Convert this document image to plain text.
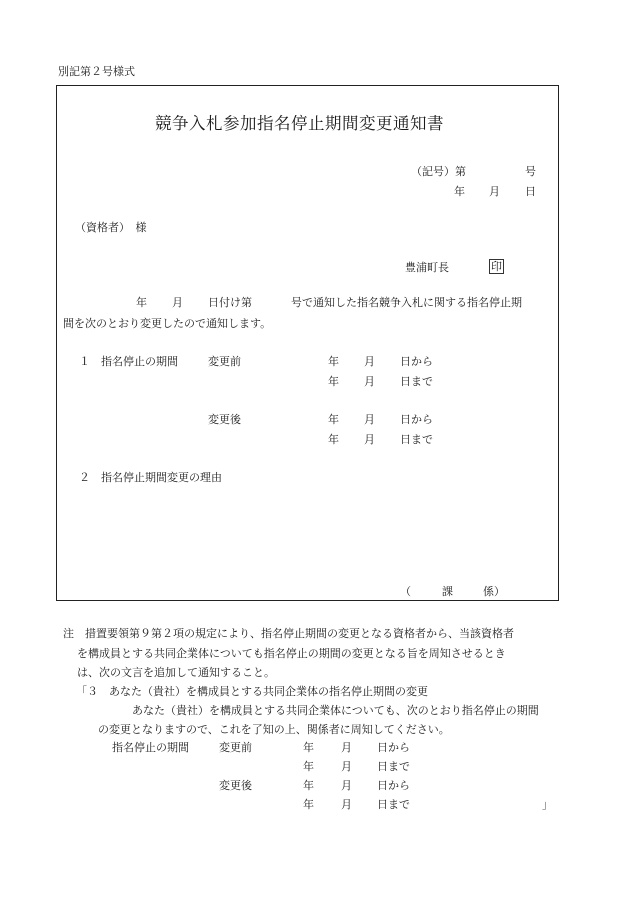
別記第２号様式
競争入札参加指名停止期間変更通知書
（記号）第	号
年 月 日
（資格者）　様
豊浦町長	印
年 月 日付け第	号で通知した指名競争入札に関する指名停止期
間を次のとおり変更したので通知します。
１　指名停止の期間	変更前	年 月 日から
年 月 日まで
変更後	年 月 日から
年 月 日まで
２　指名停止期間変更の理由
（	課	係）
注　措置要領第９第２項の規定により、指名停止期間の変更となる資格者から、当該資格者
を構成員とする共同企業体についても指名停止の期間の変更となる旨を周知させるとき
は、次の文言を追加して通知すること。
「３　あなた（貴社）を構成員とする共同企業体の指名停止期間の変更
あなた（貴社）を構成員とする共同企業体についても、次のとおり指名停止の期間
の変更となりますので、これを了知の上、関係者に周知してください。
指名停止の期間	変更前	年 月 日から
年 月 日まで
変更後	年 月 日から
年 月 日まで	」
